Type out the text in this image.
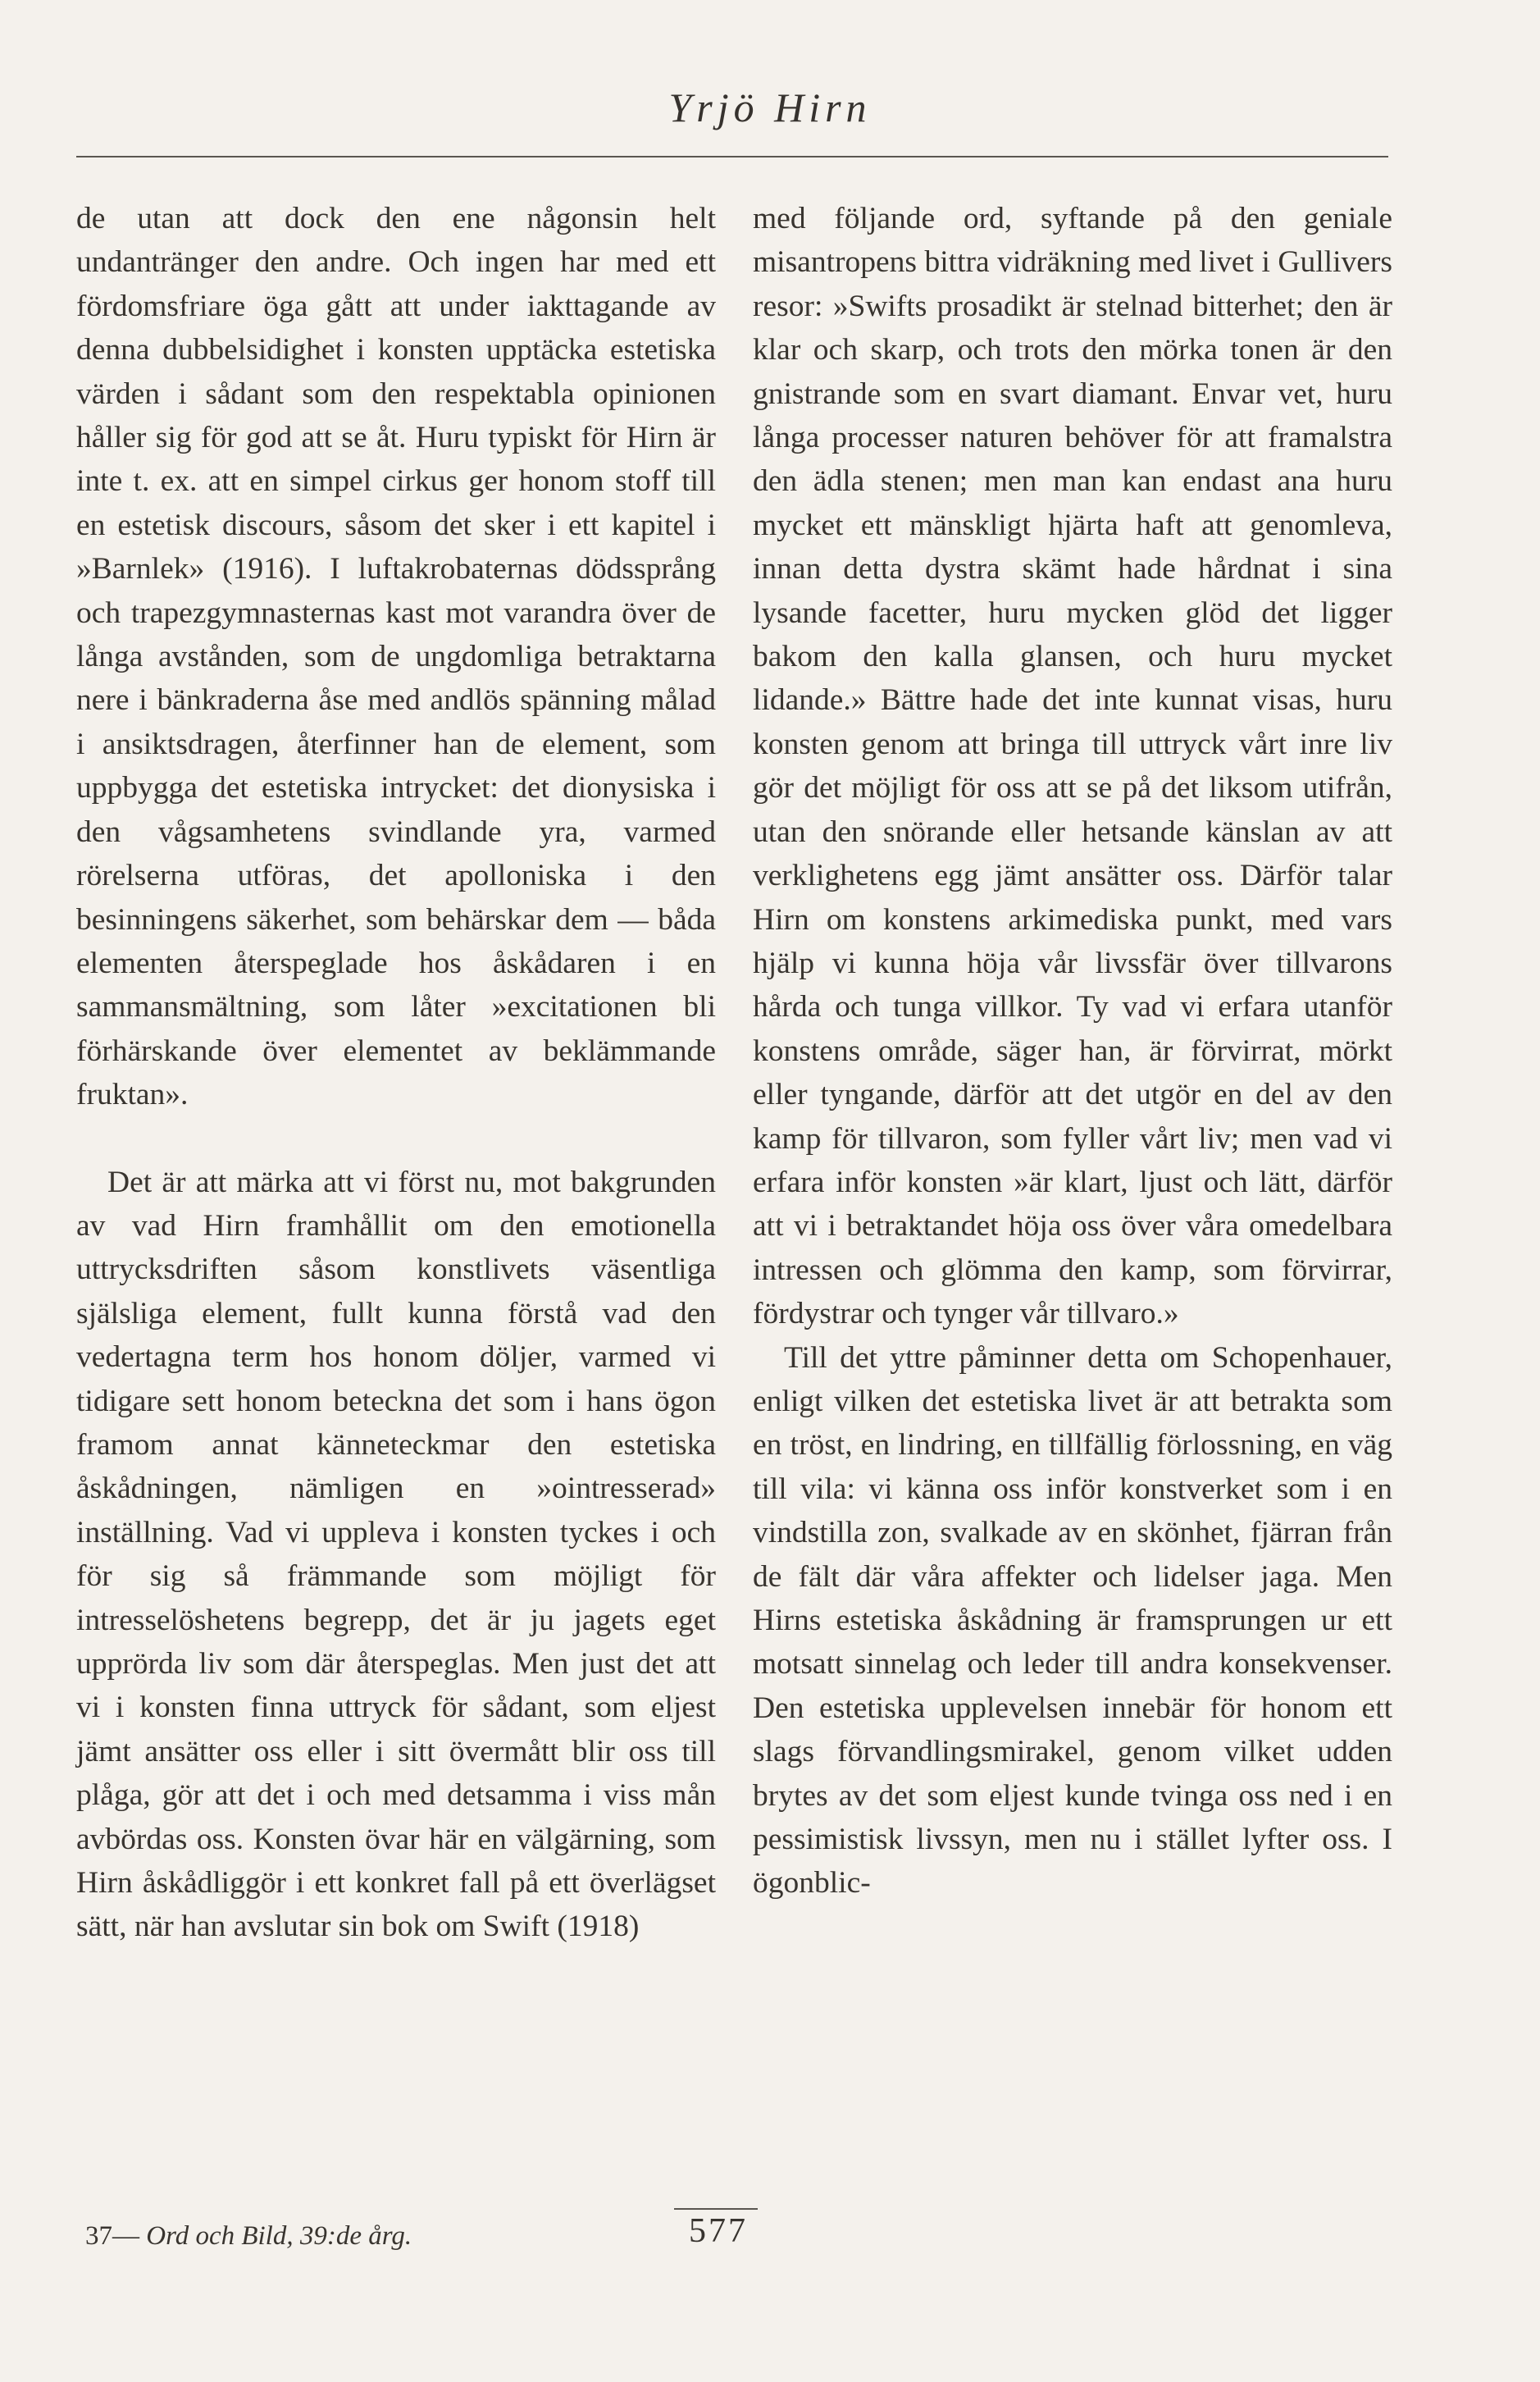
Yrjö Hirn

de utan att dock den ene någonsin helt undantränger den andre. Och ingen har med ett fördomsfriare öga gått att under iakttagande av denna dubbelsidighet i konsten upptäcka estetiska värden i sådant som den respektabla opinionen håller sig för god att se åt. Huru typiskt för Hirn är inte t. ex. att en simpel cirkus ger honom stoff till en estetisk discours, såsom det sker i ett kapitel i »Barnlek» (1916). I luftakrobaternas dödssprång och trapezgymnasternas kast mot varandra över de långa avstånden, som de ungdomliga betraktarna nere i bänkraderna åse med andlös spänning målad i ansiktsdragen, återfinner han de element, som uppbygga det estetiska intrycket: det dionysiska i den vågsamhetens svindlande yra, varmed rörelserna utföras, det apolloniska i den besinningens säkerhet, som behärskar dem — båda elementen återspeglade hos åskådaren i en sammansmältning, som låter »excitationen bli förhärskande över elementet av beklämmande fruktan».

Det är att märka att vi först nu, mot bakgrunden av vad Hirn framhållit om den emotionella uttrycksdriften såsom konstlivets väsentliga själsliga element, fullt kunna förstå vad den vedertagna term hos honom döljer, varmed vi tidigare sett honom beteckna det som i hans ögon framom annat känneteckmar den estetiska åskådningen, nämligen en »ointresserad» inställning. Vad vi uppleva i konsten tyckes i och för sig så främmande som möjligt för intresselöshetens begrepp, det är ju jagets eget upprörda liv som där återspeglas. Men just det att vi i konsten finna uttryck för sådant, som eljest jämt ansätter oss eller i sitt övermått blir oss till plåga, gör att det i och med detsamma i viss mån avbördas oss. Konsten övar här en välgärning, som Hirn åskådliggör i ett konkret fall på ett överlägset sätt, när han avslutar sin bok om Swift (1918)

med följande ord, syftande på den geniale misantropens bittra vidräkning med livet i Gullivers resor: »Swifts prosadikt är stelnad bitterhet; den är klar och skarp, och trots den mörka tonen är den gnistrande som en svart diamant. Envar vet, huru långa processer naturen behöver för att framalstra den ädla stenen; men man kan endast ana huru mycket ett mänskligt hjärta haft att genomleva, innan detta dystra skämt hade hårdnat i sina lysande facetter, huru mycken glöd det ligger bakom den kalla glansen, och huru mycket lidande.» Bättre hade det inte kunnat visas, huru konsten genom att bringa till uttryck vårt inre liv gör det möjligt för oss att se på det liksom utifrån, utan den snörande eller hetsande känslan av att verklighetens egg jämt ansätter oss. Därför talar Hirn om konstens arkimediska punkt, med vars hjälp vi kunna höja vår livssfär över tillvarons hårda och tunga villkor. Ty vad vi erfara utanför konstens område, säger han, är förvirrat, mörkt eller tyngande, därför att det utgör en del av den kamp för tillvaron, som fyller vårt liv; men vad vi erfara inför konsten »är klart, ljust och lätt, därför att vi i betraktandet höja oss över våra omedelbara intressen och glömma den kamp, som förvirrar, fördystrar och tynger vår tillvaro.»

Till det yttre påminner detta om Schopenhauer, enligt vilken det estetiska livet är att betrakta som en tröst, en lindring, en tillfällig förlossning, en väg till vila: vi känna oss inför konstverket som i en vindstilla zon, svalkade av en skönhet, fjärran från de fält där våra affekter och lidelser jaga. Men Hirns estetiska åskådning är framsprungen ur ett motsatt sinnelag och leder till andra konsekvenser. Den estetiska upplevelsen innebär för honom ett slags förvandlingsmirakel, genom vilket udden brytes av det som eljest kunde tvinga oss ned i en pessimistisk livssyn, men nu i stället lyfter oss. I ögonblic-

37— Ord och Bild, 39:de årg.	577
